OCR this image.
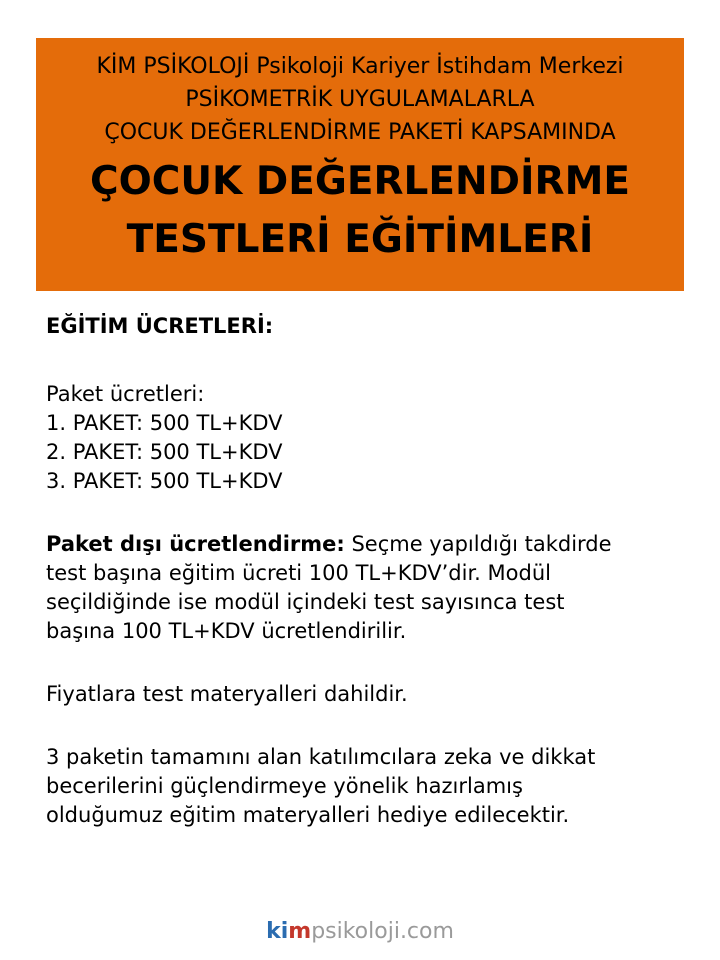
KİM PSİKOLOJİ Psikoloji Kariyer İstihdam Merkezi
PSİKOMETRİK UYGULAMALARLA
ÇOCUK DEĞERLENDİRME PAKETİ KAPSAMINDA
ÇOCUK DEĞERLENDİRME
TESTLERİ EĞİTİMLERİ

EĞİTİM ÜCRETLERİ:

Paket ücretleri:

1. PAKET: 500 TL+KDV

2. PAKET: 500 TL+KDV

3. PAKET: 500 TL+KDV

Paket dışı ücretlendirme: Seçme yapıldığı takdirde

test başına eğitim ücreti 100 TL+KDV’dir. Modül

seçildiğinde ise modül içindeki test sayısınca test

başına 100 TL+KDV ücretlendirilir.

Fiyatlara test materyalleri dahildir.

3 paketin tamamını alan katılımcılara zeka ve dikkat

becerilerini güçlendirmeye yönelik hazırlamış

olduğumuz eğitim materyalleri hediye edilecektir.

kimpsikoloji.com
